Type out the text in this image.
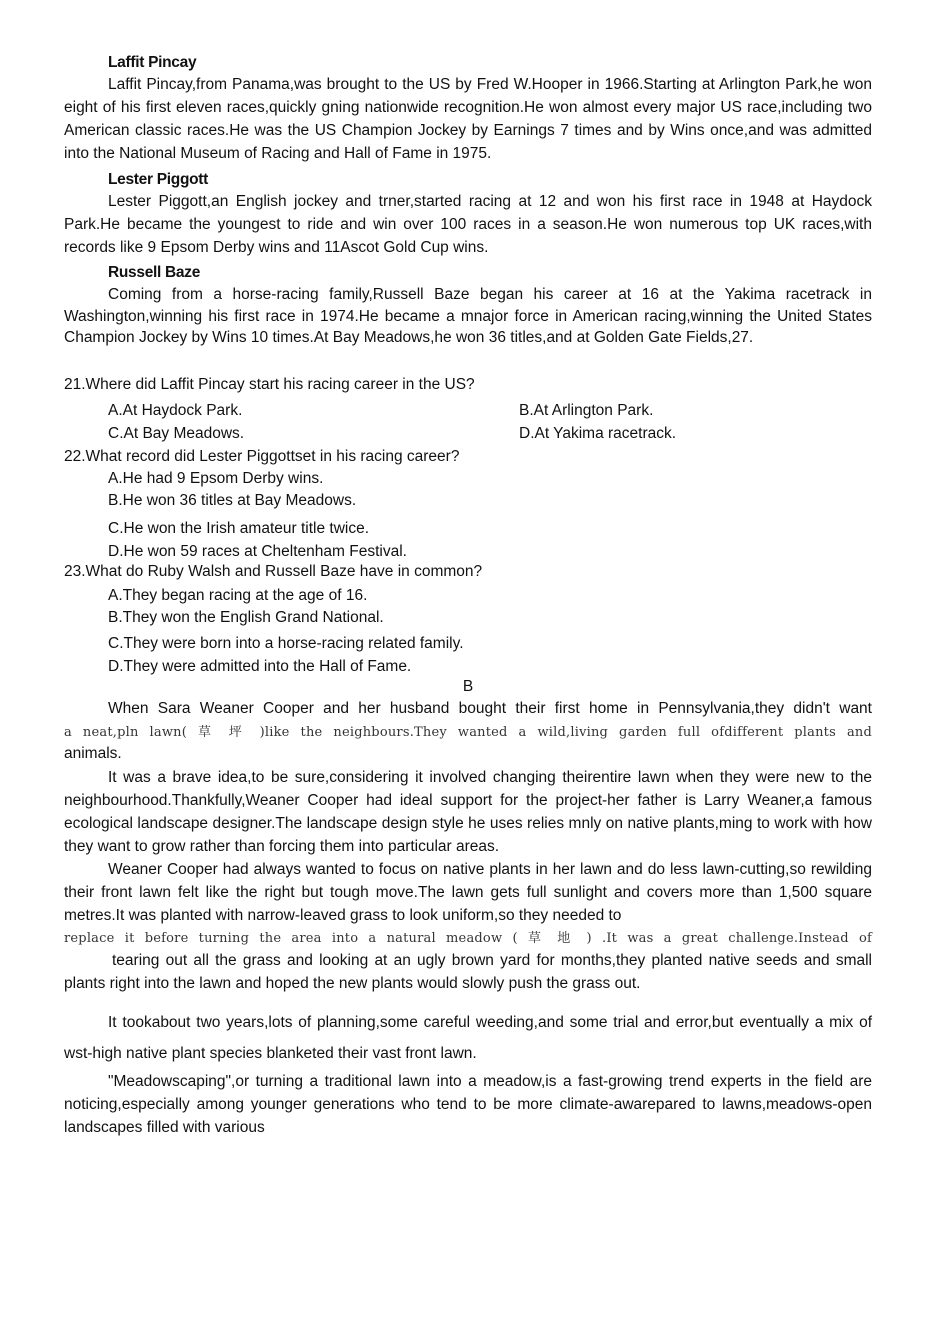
Laffit Pincay
Laffit Pincay,from Panama,was brought to the US by Fred W.Hooper in 1966.Starting at Arlington Park,he won eight of his first eleven races,quickly gning nationwide recognition.He won almost every major US race,including two American classic races.He was the US Champion Jockey by Earnings 7 times and by Wins once,and was admitted into the National Museum of Racing and Hall of Fame in 1975.
Lester Piggott
Lester Piggott,an English jockey and trner,started racing at 12 and won his first race in 1948 at Haydock Park.He became the youngest to ride and win over 100 races in a season.He won numerous top UK races,with records like 9 Epsom Derby wins and 11Ascot Gold Cup wins.
Russell Baze
Coming from a horse-racing family,Russell Baze began his career at 16 at the Yakima racetrack in Washington,winning his first race in 1974.He became a mnajor force in American racing,winning the United States Champion Jockey by Wins 10 times.At Bay Meadows,he won 36 titles,and at Golden Gate Fields,27.
21.Where did Laffit Pincay start his racing career in the US?
A.At Haydock Park.	B.At Arlington Park.
C.At Bay Meadows.	D.At Yakima racetrack.
22.What record did Lester Piggottset in his racing career?
A.He had 9 Epsom Derby wins.
B.He won 36 titles at Bay Meadows.
C.He won the Irish amateur title twice.
D.He won 59 races at Cheltenham Festival.
23.What do Ruby Walsh and Russell Baze have in common?
A.They began racing at the age of 16.
B.They won the English Grand National.
C.They were born into a horse-racing related family.
D.They were admitted into the Hall of Fame.
B
When Sara Weaner Cooper and her husband bought their first home in Pennsylvania,they didn't want
a neat,pln lawn( 草 坪 )like the neighbours.They wanted a wild,living garden full ofdifferent plants and
animals.
It was a brave idea,to be sure,considering it involved changing theirentire lawn when they were new to the neighbourhood.Thankfully,Weaner Cooper had ideal support for the project-her father is Larry Weaner,a famous ecological landscape designer.The landscape design style he uses relies mnly on native plants,ming to work with how they want to grow rather than forcing them into particular areas.
Weaner Cooper had always wanted to focus on native plants in her lawn and do less lawn-cutting,so rewilding their front lawn felt like the right but tough move.The lawn gets full sunlight and covers more than 1,500 square metres.It was planted with narrow-leaved grass to look uniform,so they needed to
replace it before turning the area into a natural meadow ( 草 地 ) .It was a great challenge.Instead of
tearing out all the grass and looking at an ugly brown yard for months,they planted native seeds and small plants right into the lawn and hoped the new plants would slowly push the grass out.
It tookabout two years,lots of planning,some careful weeding,and some trial and error,but eventually a mix of wst-high native plant species blanketed their vast front lawn.
"Meadowscaping",or turning a traditional lawn into a meadow,is a fast-growing trend experts in the field are noticing,especially among younger generations who tend to be more climate-awarepared to lawns,meadows-open landscapes filled with various
